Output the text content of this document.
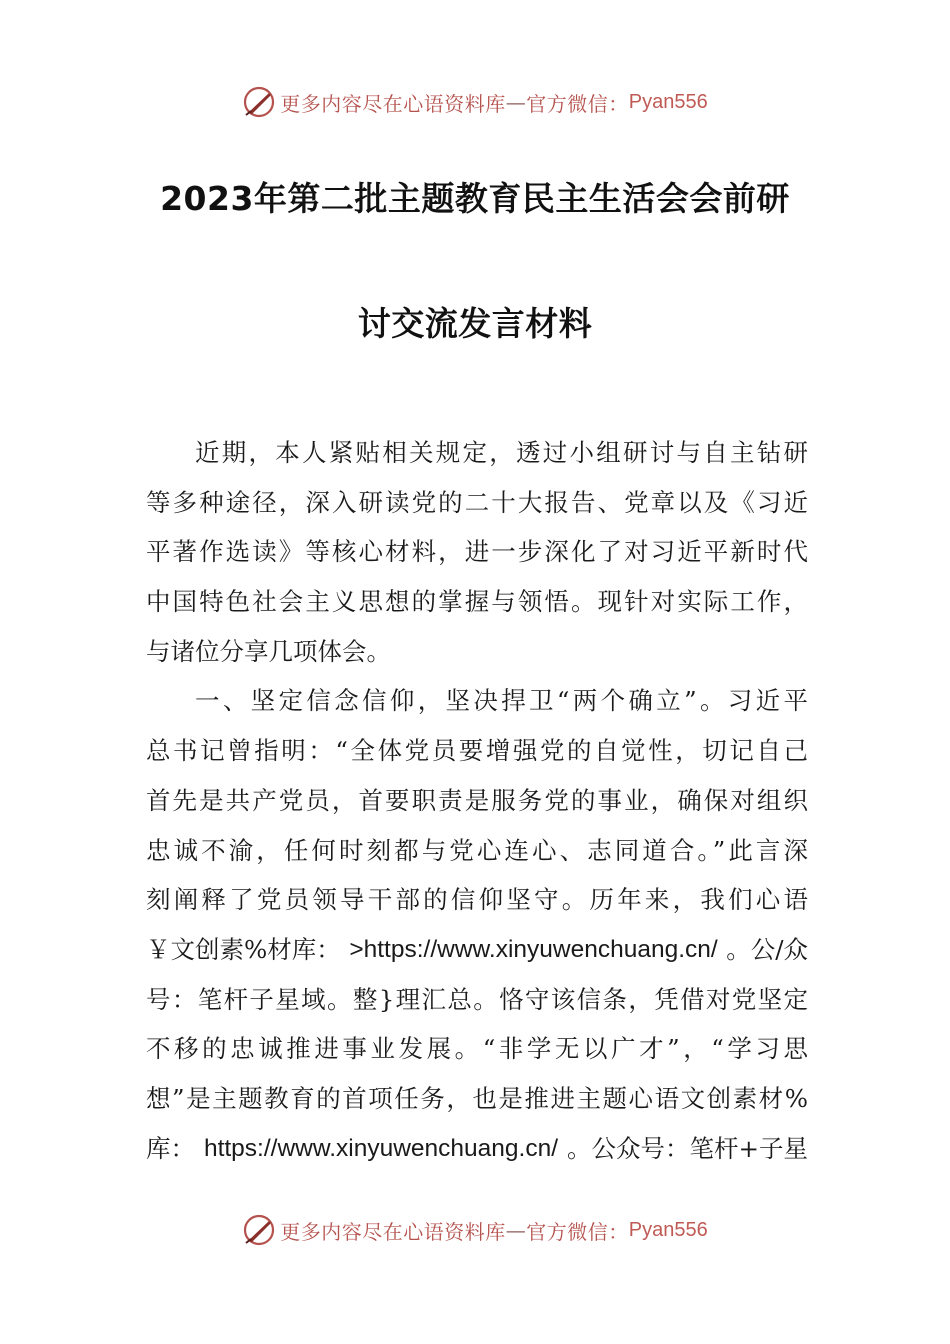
更多内容尽在心语资料库 — 官方微信： Pyan556
2023年第二批主题教育民主生活会会前研
讨交流发言材料
近期，本人紧贴相关规定，透过小组研讨与自主钻研
等多种途径，深入研读党的二十大报告、党章以及《习近
平著作选读》等核心材料，进一步深化了对习近平新时代
中国特色社会主义思想的掌握与领悟。现针对实际工作，
与诸位分享几项体会。
一、坚定信念信仰，坚决捍卫“两个确立”。习近平
总书记曾指明：“全体党员要增强党的自觉性，切记自己
首先是共产党员，首要职责是服务党的事业，确保对组织
忠诚不渝，任何时刻都与党心连心、志同道合。”此言深
刻阐释了党员领导干部的信仰坚守。历年来，我们心语
￥文创素%材库： >https://www.xinyuwenchuang.cn/ 。公/众
号：笔杆子星域。整}理汇总。恪守该信条，凭借对党坚定
不移的忠诚推进事业发展。“非学无以广才”，“学习思
想”是主题教育的首项任务，也是推进主题心语文创素材%
库： https://www.xinyuwenchuang.cn/ 。公众号：笔杆+子星
更多内容尽在心语资料库 — 官方微信： Pyan556
